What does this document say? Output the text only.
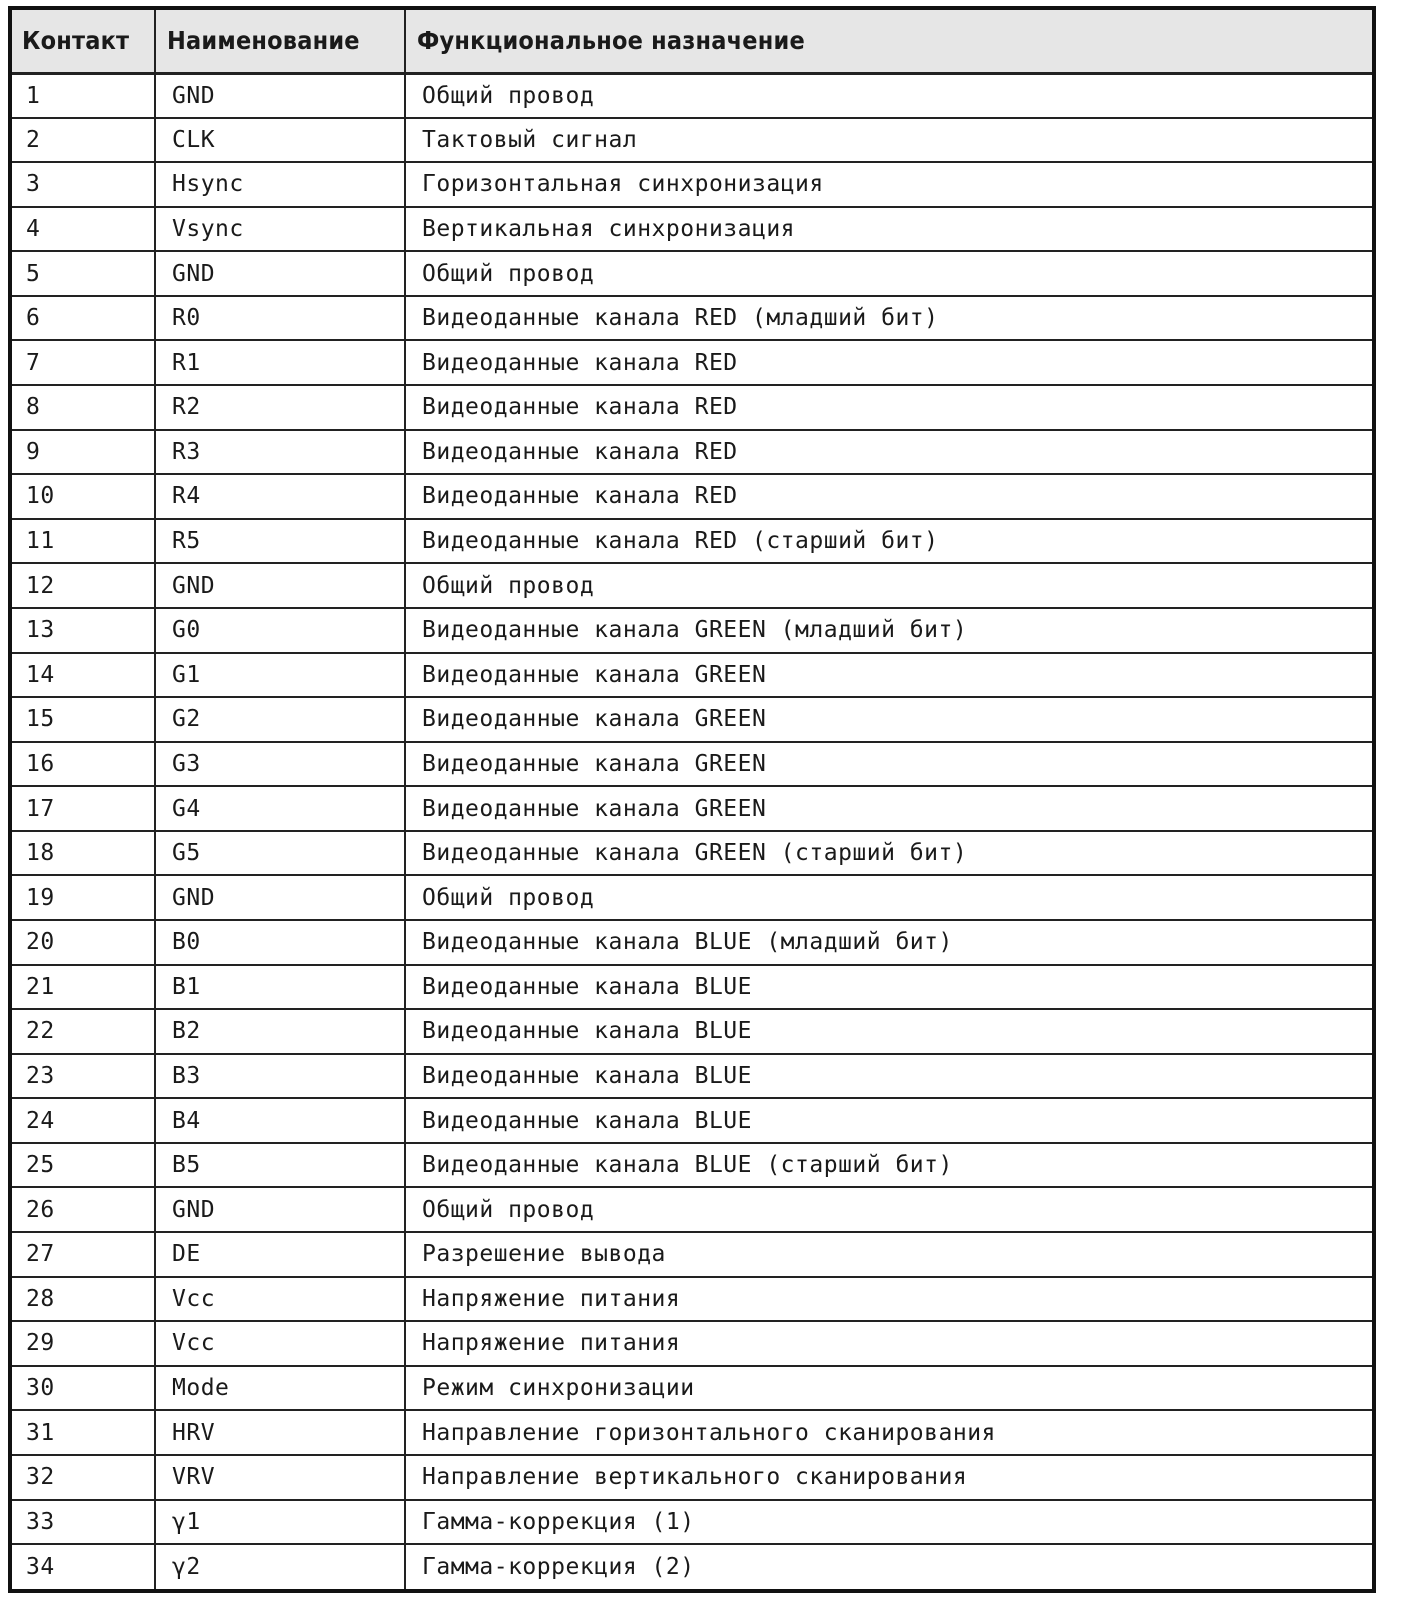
Контакт	Наименование	Функциональное назначение
1	GND	Общий провод
2	CLK	Тактовый сигнал
3	Hsync	Горизонтальная синхронизация
4	Vsync	Вертикальная синхронизация
5	GND	Общий провод
6	R0	Видеоданные канала RED (младший бит)
7	R1	Видеоданные канала RED
8	R2	Видеоданные канала RED
9	R3	Видеоданные канала RED
10	R4	Видеоданные канала RED
11	R5	Видеоданные канала RED (старший бит)
12	GND	Общий провод
13	G0	Видеоданные канала GREEN (младший бит)
14	G1	Видеоданные канала GREEN
15	G2	Видеоданные канала GREEN
16	G3	Видеоданные канала GREEN
17	G4	Видеоданные канала GREEN
18	G5	Видеоданные канала GREEN (старший бит)
19	GND	Общий провод
20	B0	Видеоданные канала BLUE (младший бит)
21	B1	Видеоданные канала BLUE
22	B2	Видеоданные канала BLUE
23	B3	Видеоданные канала BLUE
24	B4	Видеоданные канала BLUE
25	B5	Видеоданные канала BLUE (старший бит)
26	GND	Общий провод
27	DE	Разрешение вывода
28	Vcc	Напряжение питания
29	Vcc	Напряжение питания
30	Mode	Режим синхронизации
31	HRV	Направление горизонтального сканирования
32	VRV	Направление вертикального сканирования
33	γ1	Гамма-коррекция (1)
34	γ2	Гамма-коррекция (2)
